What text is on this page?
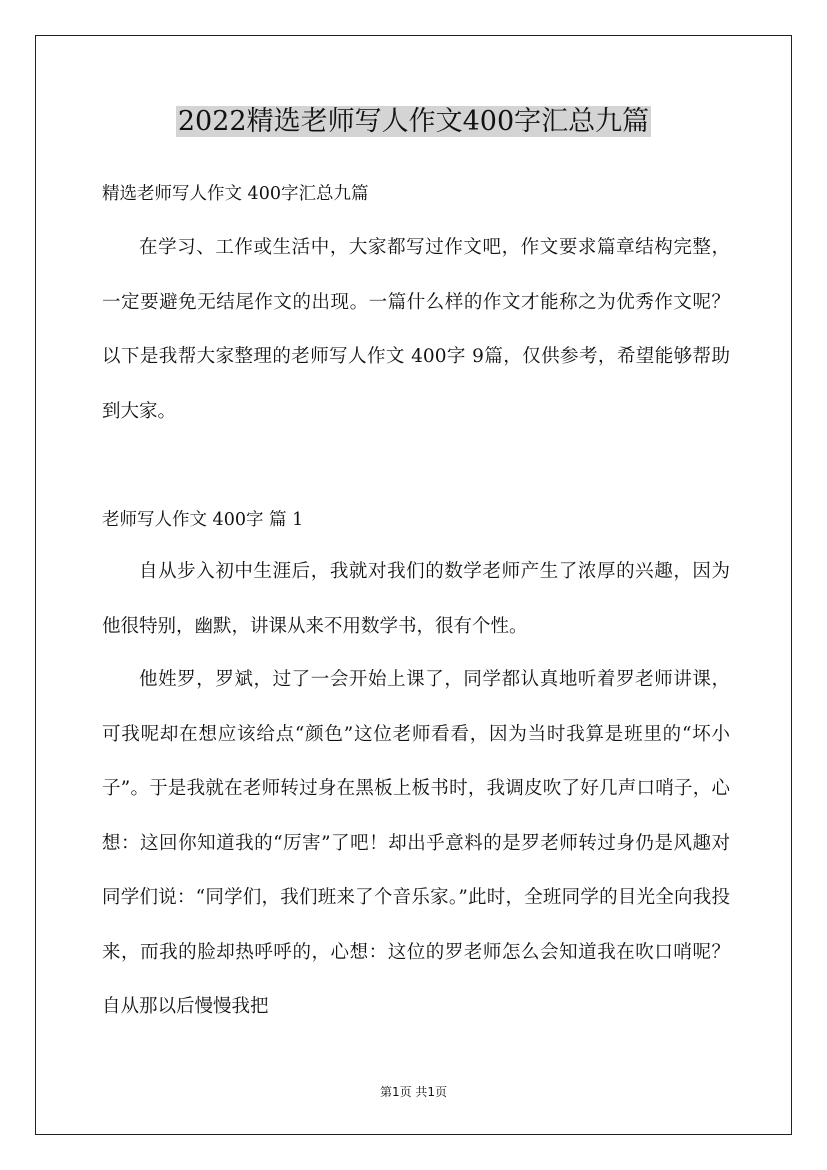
2022精选老师写人作文400字汇总九篇
精选老师写人作文 400字汇总九篇

在学习、工作或生活中，大家都写过作文吧，作文要求篇章结构完整，一定要避免无结尾作文的出现。一篇什么样的作文才能称之为优秀作文呢？以下是我帮大家整理的老师写人作文 400字 9篇，仅供参考，希望能够帮助到大家。

老师写人作文 400字 篇 1

自从步入初中生涯后，我就对我们的数学老师产生了浓厚的兴趣，因为他很特别，幽默，讲课从来不用数学书，很有个性。

他姓罗，罗斌，过了一会开始上课了，同学都认真地听着罗老师讲课，可我呢却在想应该给点“颜色”这位老师看看，因为当时我算是班里的“坏小子”。于是我就在老师转过身在黑板上板书时，我调皮吹了好几声口哨子，心想：这回你知道我的“厉害”了吧！却出乎意料的是罗老师转过身仍是风趣对同学们说：“同学们，我们班来了个音乐家。”此时，全班同学的目光全向我投来，而我的脸却热呼呼的，心想：这位的罗老师怎么会知道我在吹口哨呢？自从那以后慢慢我把

第1页 共1页
